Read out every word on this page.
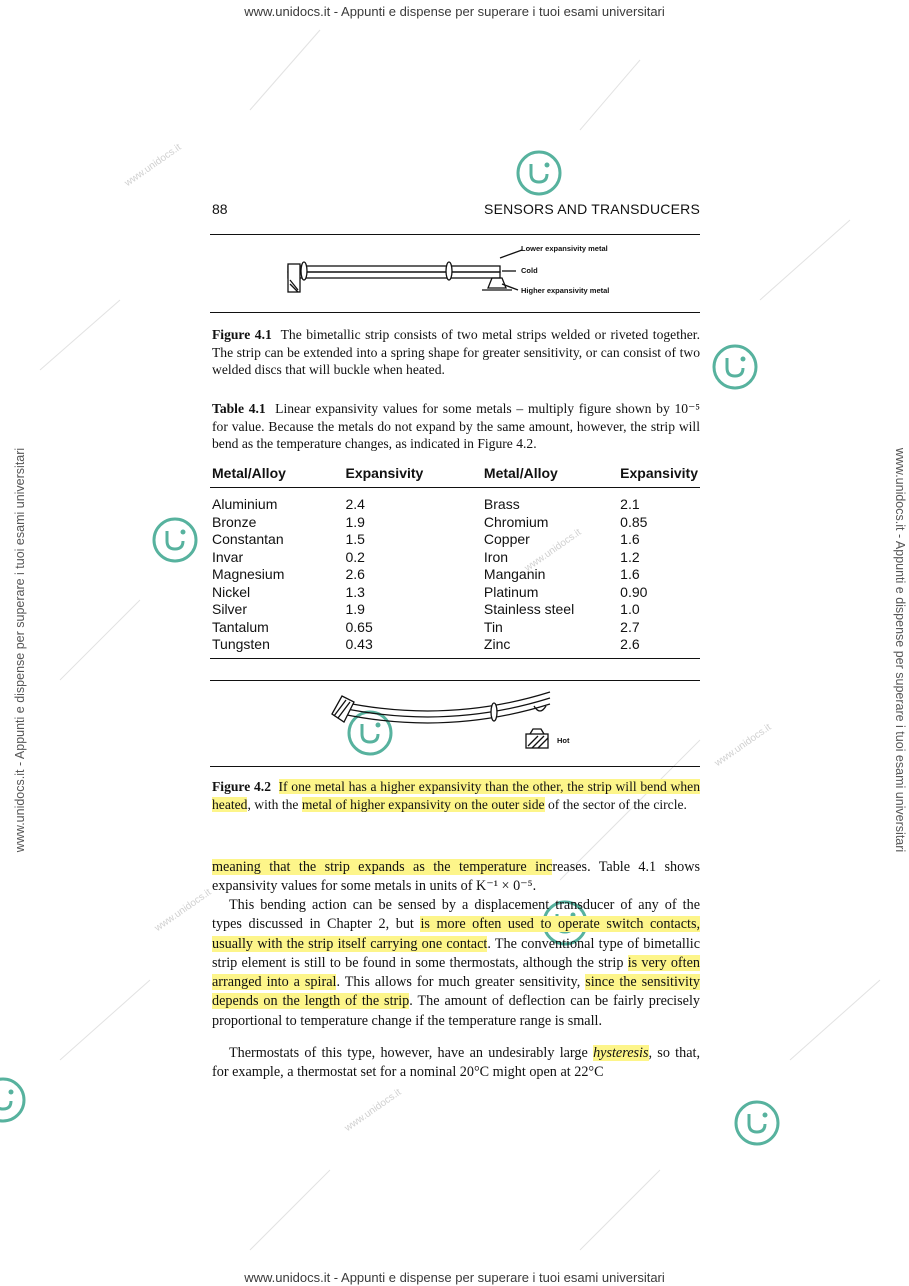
www.unidocs.it - Appunti e dispense per superare i tuoi esami universitari
www.unidocs.it - Appunti e dispense per superare i tuoi esami universitari
www.unidocs.it - Appunti e dispense per superare i tuoi esami universitari	www.unidocs.it - Appunti e dispense per superare i tuoi esami universitari
www.unidocs.it
www.unidocs.it
www.unidocs.it
www.unidocs.it
www.unidocs.it
88	SENSORS AND TRANSDUCERS
Lower expansivity metal
Cold
Higher expansivity metal
Figure 4.1 The bimetallic strip consists of two metal strips welded or riveted together. The strip can be extended into a spring shape for greater sensitivity, or can consist of two welded discs that will buckle when heated.
Table 4.1 Linear expansivity values for some metals – multiply figure shown by 10⁻⁵ for value. Because the metals do not expand by the same amount, however, the strip will bend as the temperature changes, as indicated in Figure 4.2.
Metal/Alloy	Expansivity	Metal/Alloy	Expansivity
Aluminium	2.4	Brass	2.1
Bronze	1.9	Chromium	0.85
Constantan	1.5	Copper	1.6
Invar	0.2	Iron	1.2
Magnesium	2.6	Manganin	1.6
Nickel	1.3	Platinum	0.90
Silver	1.9	Stainless steel	1.0
Tantalum	0.65	Tin	2.7
Tungsten	0.43	Zinc	2.6
Hot
Figure 4.2 If one metal has a higher expansivity than the other, the strip will bend when heated, with the metal of higher expansivity on the outer side of the sector of the circle.
meaning that the strip expands as the temperature increases. Table 4.1 shows expansivity values for some metals in units of K⁻¹ × 0⁻⁵.
This bending action can be sensed by a displacement transducer of any of the types discussed in Chapter 2, but is more often used to operate switch contacts, usually with the strip itself carrying one contact. The conventional type of bimetallic strip element is still to be found in some thermostats, although the strip is very often arranged into a spiral. This allows for much greater sensitivity, since the sensitivity depends on the length of the strip. The amount of deflection can be fairly precisely proportional to temperature change if the temperature range is small.
Thermostats of this type, however, have an undesirably large hysteresis, so that, for example, a thermostat set for a nominal 20°C might open at 22°C
